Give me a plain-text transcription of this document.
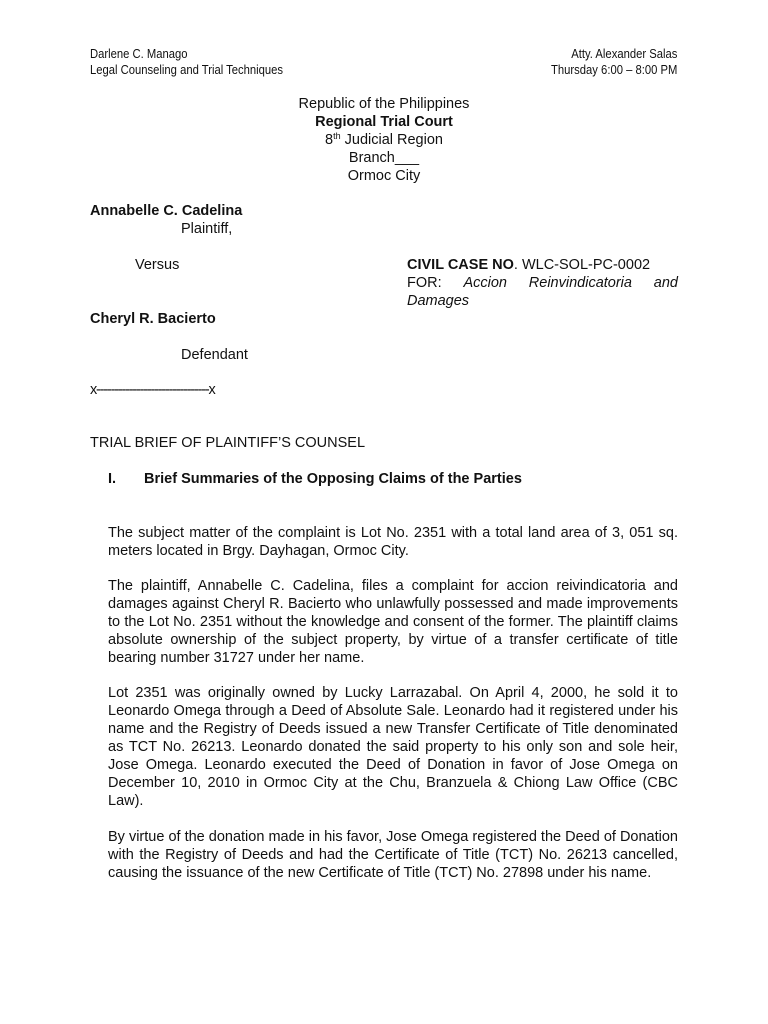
Darlene C. Manago
Legal Counseling and Trial Techniques
Atty. Alexander Salas
Thursday 6:00 – 8:00 PM
Republic of the Philippines
Regional Trial Court
8th Judicial Region
Branch___
Ormoc City
Annabelle C. Cadelina
Plaintiff,
Versus	CIVIL CASE NO. WLC-SOL-PC-0002
FOR: Accion Reinvindicatoria and
Damages
Cheryl R. Bacierto
Defendant
x-------------------------------x
TRIAL BRIEF OF PLAINTIFF’S COUNSEL
I. Brief Summaries of the Opposing Claims of the Parties
The subject matter of the complaint is Lot No. 2351 with a total land area of 3, 051 sq. meters located in Brgy. Dayhagan, Ormoc City.
The plaintiff, Annabelle C. Cadelina, files a complaint for accion reivindicatoria and damages against Cheryl R. Bacierto who unlawfully possessed and made improvements to the Lot No. 2351 without the knowledge and consent of the former. The plaintiff claims absolute ownership of the subject property, by virtue of a transfer certificate of title bearing number 31727 under her name.
Lot 2351 was originally owned by Lucky Larrazabal. On April 4, 2000, he sold it to Leonardo Omega through a Deed of Absolute Sale. Leonardo had it registered under his name and the Registry of Deeds issued a new Transfer Certificate of Title denominated as TCT No. 26213. Leonardo donated the said property to his only son and sole heir, Jose Omega. Leonardo executed the Deed of Donation in favor of Jose Omega on December 10, 2010 in Ormoc City at the Chu, Branzuela & Chiong Law Office (CBC Law).
By virtue of the donation made in his favor, Jose Omega registered the Deed of Donation with the Registry of Deeds and had the Certificate of Title (TCT) No. 26213 cancelled, causing the issuance of the new Certificate of Title (TCT) No. 27898 under his name.
